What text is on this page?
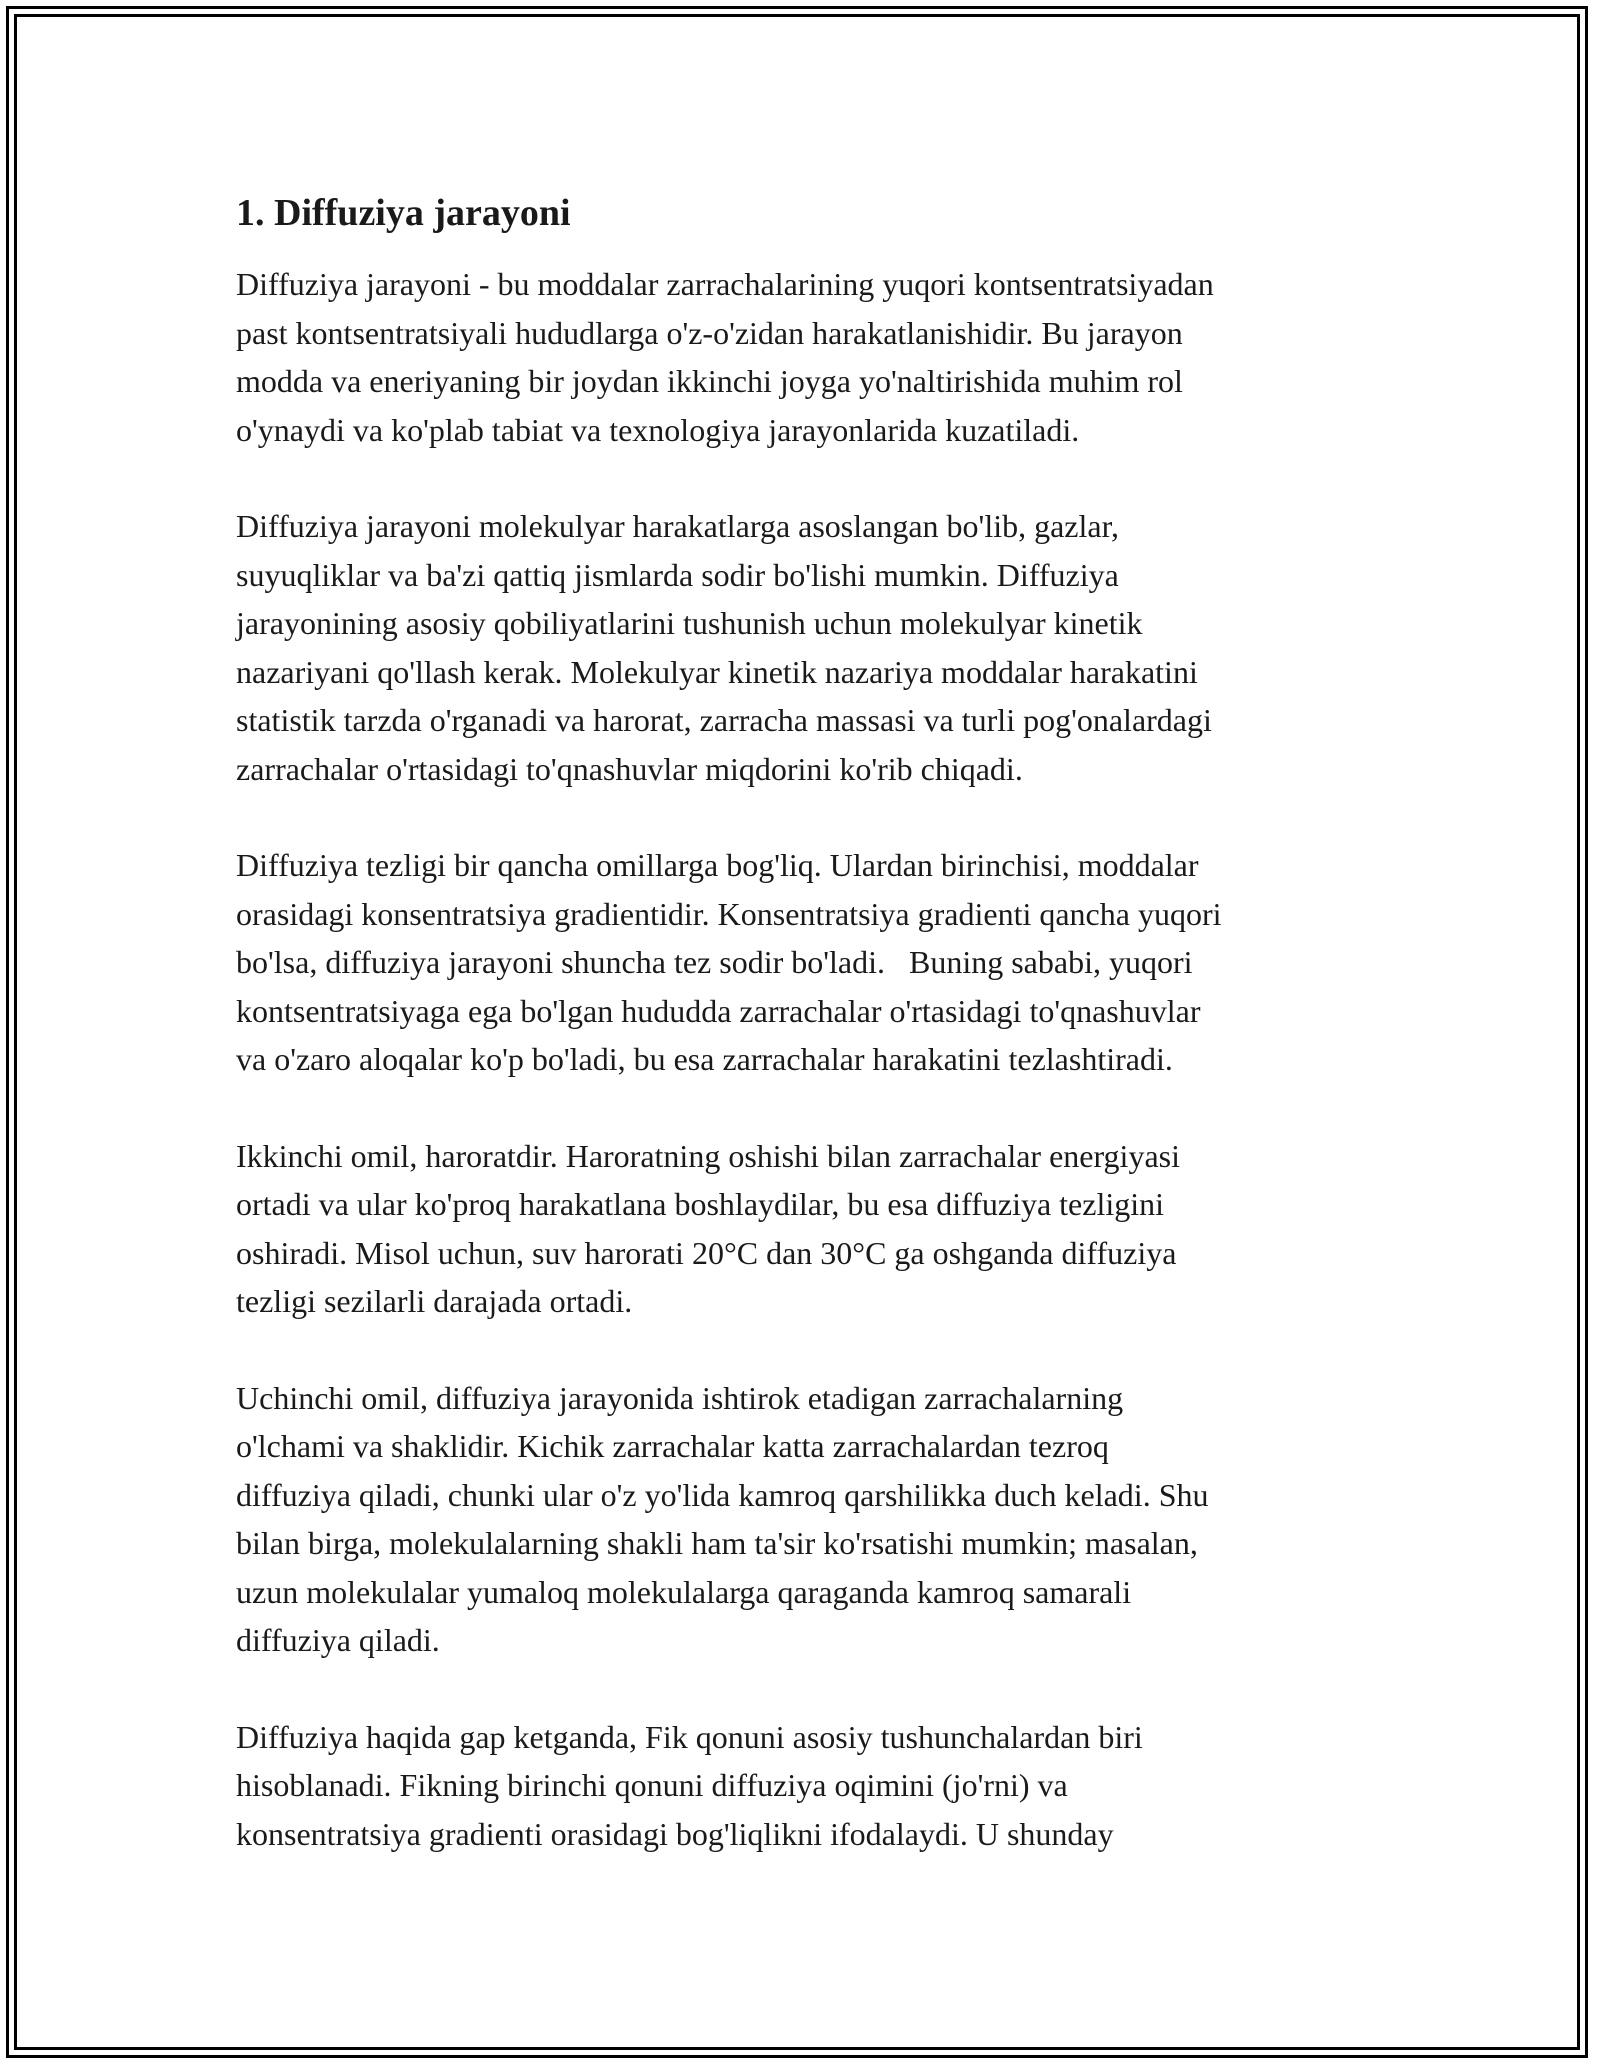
1. Diffuziya jarayoni
Diffuziya jarayoni - bu moddalar zarrachalarining yuqori kontsentratsiyadan
past kontsentratsiyali hududlarga o'z-o'zidan harakatlanishidir. Bu jarayon
modda va eneriyaning bir joydan ikkinchi joyga yo'naltirishida muhim rol
o'ynaydi va ko'plab tabiat va texnologiya jarayonlarida kuzatiladi.
Diffuziya jarayoni molekulyar harakatlarga asoslangan bo'lib, gazlar,
suyuqliklar va ba'zi qattiq jismlarda sodir bo'lishi mumkin. Diffuziya
jarayonining asosiy qobiliyatlarini tushunish uchun molekulyar kinetik
nazariyani qo'llash kerak. Molekulyar kinetik nazariya moddalar harakatini
statistik tarzda o'rganadi va harorat, zarracha massasi va turli pog'onalardagi
zarrachalar o'rtasidagi to'qnashuvlar miqdorini ko'rib chiqadi.
Diffuziya tezligi bir qancha omillarga bog'liq. Ulardan birinchisi, moddalar
orasidagi konsentratsiya gradientidir. Konsentratsiya gradienti qancha yuqori
bo'lsa, diffuziya jarayoni shuncha tez sodir bo'ladi.   Buning sababi, yuqori
kontsentratsiyaga ega bo'lgan hududda zarrachalar o'rtasidagi to'qnashuvlar
va o'zaro aloqalar ko'p bo'ladi, bu esa zarrachalar harakatini tezlashtiradi.
Ikkinchi omil, haroratdir. Haroratning oshishi bilan zarrachalar energiyasi
ortadi va ular ko'proq harakatlana boshlaydilar, bu esa diffuziya tezligini
oshiradi. Misol uchun, suv harorati 20°C dan 30°C ga oshganda diffuziya
tezligi sezilarli darajada ortadi.
Uchinchi omil, diffuziya jarayonida ishtirok etadigan zarrachalarning
o'lchami va shaklidir. Kichik zarrachalar katta zarrachalardan tezroq
diffuziya qiladi, chunki ular o'z yo'lida kamroq qarshilikka duch keladi. Shu
bilan birga, molekulalarning shakli ham ta'sir ko'rsatishi mumkin; masalan,
uzun molekulalar yumaloq molekulalarga qaraganda kamroq samarali
diffuziya qiladi.
Diffuziya haqida gap ketganda, Fik qonuni asosiy tushunchalardan biri
hisoblanadi. Fikning birinchi qonuni diffuziya oqimini (jo'rni) va
konsentratsiya gradienti orasidagi bog'liqlikni ifodalaydi. U shunday
